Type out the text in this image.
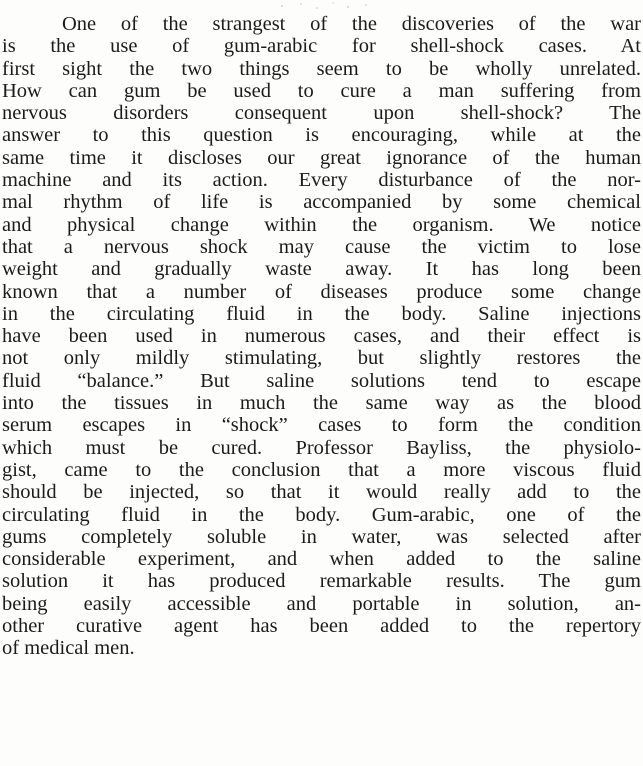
One of the strangest of the discoveries of the war
is the use of gum-arabic for shell-shock cases. At
first sight the two things seem to be wholly unrelated.
How can gum be used to cure a man suffering from
nervous disorders consequent upon shell-shock? The
answer to this question is encouraging, while at the
same time it discloses our great ignorance of the human
machine and its action. Every disturbance of the nor-
mal rhythm of life is accompanied by some chemical
and physical change within the organism. We notice
that a nervous shock may cause the victim to lose
weight and gradually waste away. It has long been
known that a number of diseases produce some change
in the circulating fluid in the body. Saline injections
have been used in numerous cases, and their effect is
not only mildly stimulating, but slightly restores the
fluid “balance.” But saline solutions tend to escape
into the tissues in much the same way as the blood
serum escapes in “shock” cases to form the condition
which must be cured. Professor Bayliss, the physiolo-
gist, came to the conclusion that a more viscous fluid
should be injected, so that it would really add to the
circulating fluid in the body. Gum-arabic, one of the
gums completely soluble in water, was selected after
considerable experiment, and when added to the saline
solution it has produced remarkable results. The gum
being easily accessible and portable in solution, an-
other curative agent has been added to the repertory
of medical men.
